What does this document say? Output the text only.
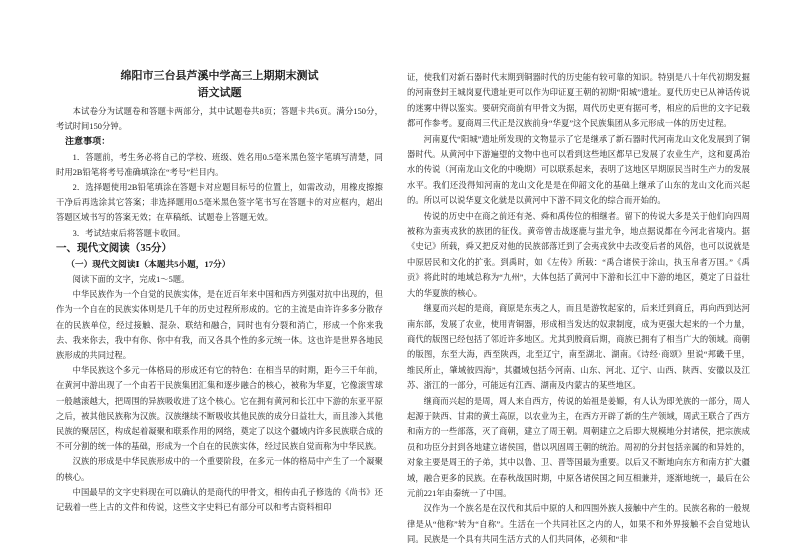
绵阳市三台县芦溪中学高三上期期末测试
语文试题

本试卷分为试题卷和答题卡两部分，其中试题卷共8页；答题卡共6页。满分150分，考试时间150分钟。

注意事项：

1．答题前，考生务必将自己的学校、班级、姓名用0.5毫米黑色签字笔填写清楚，同时用2B铅笔将考号准确填涂在“考号”栏目内。

2．选择题使用2B铅笔填涂在答题卡对应题目标号的位置上，如需改动，用橡皮擦擦干净后再选涂其它答案；非选择题用0.5毫米黑色签字笔书写在答题卡的对应框内，超出答题区域书写的答案无效；在草稿纸、试题卷上答题无效。

3．考试结束后将答题卡收回。

一、现代文阅读（35分）

（一）现代文阅读Ⅰ（本题共5小题，17分）

阅读下面的文字，完成1～5题。

中华民族作为一个自觉的民族实体，是在近百年来中国和西方列强对抗中出现的，但作为一个自在的民族实体则是几千年的历史过程所形成的。它的主流是由许许多多分散存在的民族单位，经过接触、混杂、联结和融合，同时也有分裂和消亡，形成一个你来我去、我来你去，我中有你、你中有我，而又各具个性的多元统一体。这也许是世界各地民族形成的共同过程。

中华民族这个多元一体格局的形成还有它的特色：在相当早的时期，距今三千年前，在黄河中游出现了一个由若干民族集团汇集和逐步融合的核心，被称为华夏，它像滚雪球一般越滚越大，把周围的异族吸收进了这个核心。它在拥有黄河和长江中下游的东亚平原之后，被其他民族称为汉族。汉族继续不断吸收其他民族的成分日益壮大，而且渗入其他民族的聚居区，构成起着凝聚和联系作用的网络，奠定了以这个疆域内许多民族联合成的不可分割的统一体的基础，形成为一个自在的民族实体，经过民族自觉而称为中华民族。

汉族的形成是中华民族形成中的一个重要阶段，在多元一体的格局中产生了一个凝聚的核心。

中国最早的文字史料现在可以确认的是商代的甲骨文，相传由孔子修选的《尚书》还记载着一些上古的文件和传说，这些文字史料已有部分可以和考古资料相印

证，使我们对新石器时代末期到铜器时代的历史能有较可靠的知识。特别是八十年代初期发掘的河南登封王城岗夏代遗址更可以作为印证夏王朝的初期“阳城”遗址。夏代历史已从神话传说的迷雾中得以鉴实。要研究商前有甲骨文为据，周代历史更有据可考，相应的后世的文字记载都可作参考。夏商周三代正是汉族前身“华夏”这个民族集团从多元形成一体的历史过程。

河南夏代“阳城”遗址所发现的文物显示了它是继承了新石器时代河南龙山文化发展到了铜器时代。从黄河中下游遍望的文物中也可以看到这些地区都早已发展了农业生产，这和夏禹治水的传说（河南龙山文化的中晚期）可以联系起来，表明了这地区早期原民当时生产力的发展水平。我们还没得知河南的龙山文化是是在仰韶文化的基础上继承了山东的龙山文化而兴起的。所以可以说华夏文化就是以黄河中下游不同文化的综合而开始的。

传说的历史中在商之前还有尧、舜和禹传位的相继者。留下的传说大多是关于他们向四周被称为蛮夷戎狄的族团的征伐。黄帝曾击战逐鹿与蚩尤争，地点据说都在今河北省境内。据《史记》所载，舜又把反对他的民族部落迁到了会夷戎狄中去改变后者的风俗，也可以说就是中原居民和文化的扩张。到禹时，如《左传》所载：“禹合诸侯于涂山，执玉帛者万国。”《禹贡》将此时的地域总称为“九州”，大体包括了黄河中下游和长江中下游的地区，奠定了日益壮大的华夏族的核心。

继夏而兴起的是商，商原是东夷之人，而且是游牧起家的，后来迁到商丘，再向西到达河南东部，发展了农业，使用青铜器，形成相当发达的奴隶制度，成为更强大起来的一个力量，商代的版图已经包括了邻近许多地区。尤其到殷商后期，商族已拥有了相当广大的领域。商朝的版图，东至大海，西至陕西，北至辽宁，南至湖北、湖南。《诗经·商颂》里说“邦畿千里，维民所止，肇域彼四海”，其疆域包括今河南、山东、河北、辽宁、山西、陕西、安徽以及江苏、浙江的一部分，可能远有江西、湖南及内蒙古的某些地区。

继商而兴起的是周，周人来自西方，传说的始祖是姜嫄，有人认为即羌族的一部分，周人起源于陕西、甘肃的黄土高原，以农业为主，在西方开辟了新的生产领域，周武王联合了西方和南方的一些部落，灭了商朝，建立了周王朝。周朝建立之后即大规模地分封诸侯，把宗族成员和功臣分封到各地建立诸侯国，借以巩固周王朝的统治。周初的分封包括亲属的和异姓的，对象主要是周王的子弟，其中以鲁、卫、晋等国最为重要。以后又不断地向东方和南方扩大疆域，融合更多的民族。在春秋战国时期，中原各诸侯国之间互相兼并，逐渐地统一，最后在公元前221年由秦统一了中国。

汉作为一个族名是在汉代和其后中原的人和四围外族人接触中产生的。民族名称的一般规律是从“他称”转为“自称”。生活在一个共同社区之内的人，如果不和外界接触不会自觉地认同。民族是一个具有共同生活方式的人们共同体，必须和“非
